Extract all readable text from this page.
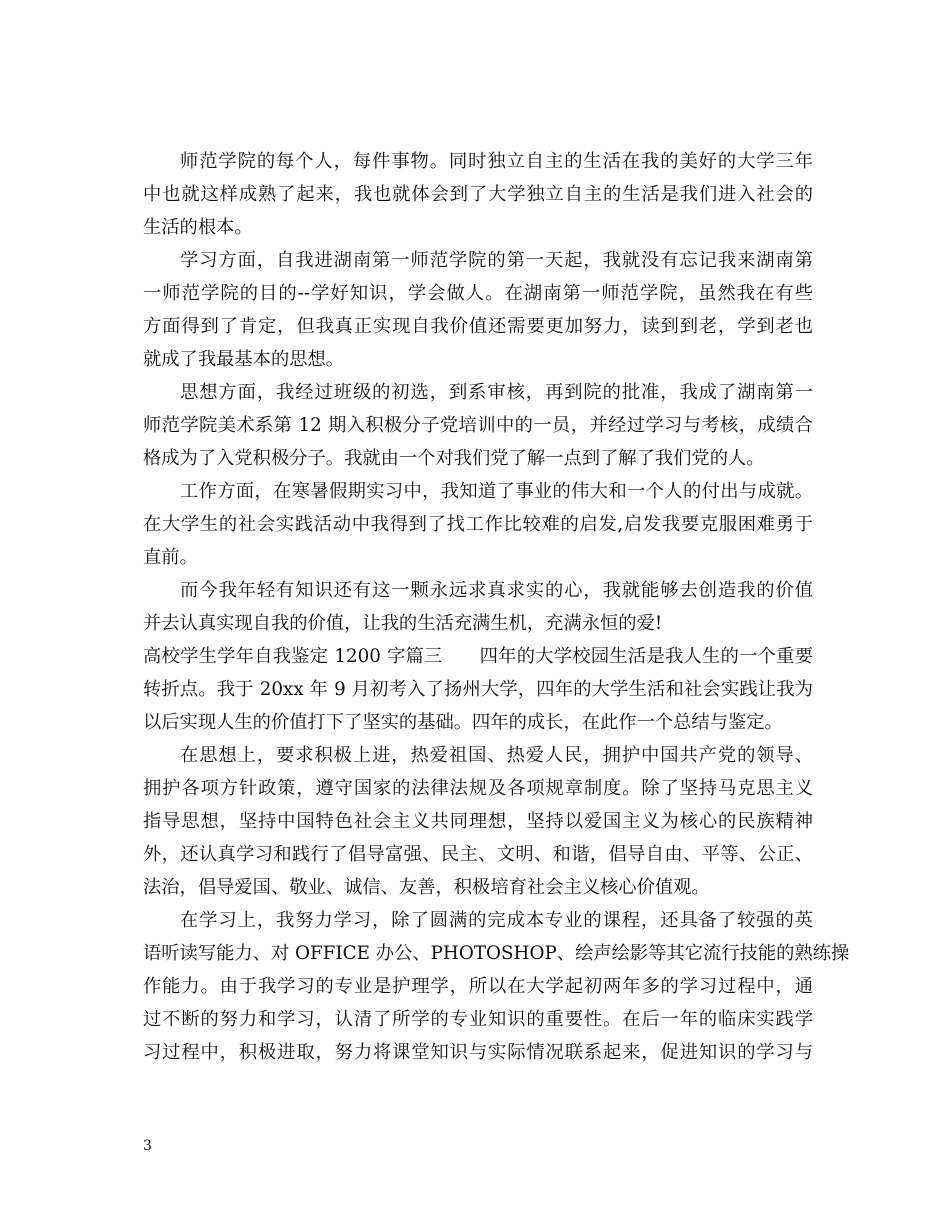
师范学院的每个人，每件事物。同时独立自主的生活在我的美好的大学三年
中也就这样成熟了起来，我也就体会到了大学独立自主的生活是我们进入社会的
生活的根本。
学习方面，自我进湖南第一师范学院的第一天起，我就没有忘记我来湖南第
一师范学院的目的--学好知识，学会做人。在湖南第一师范学院，虽然我在有些
方面得到了肯定，但我真正实现自我价值还需要更加努力，读到到老，学到老也
就成了我最基本的思想。
思想方面，我经过班级的初选，到系审核，再到院的批准，我成了湖南第一
师范学院美术系第 12 期入积极分子党培训中的一员，并经过学习与考核，成绩合
格成为了入党积极分子。我就由一个对我们党了解一点到了解了我们党的人。
工作方面，在寒暑假期实习中，我知道了事业的伟大和一个人的付出与成就。
在大学生的社会实践活动中我得到了找工作比较难的启发,启发我要克服困难勇于
直前。
而今我年轻有知识还有这一颗永远求真求实的心，我就能够去创造我的价值
并去认真实现自我的价值，让我的生活充满生机，充满永恒的爱!
高校学生学年自我鉴定 1200 字篇三　　四年的大学校园生活是我人生的一个重要
转折点。我于 20xx 年 9 月初考入了扬州大学，四年的大学生活和社会实践让我为
以后实现人生的价值打下了坚实的基础。四年的成长，在此作一个总结与鉴定。
在思想上，要求积极上进，热爱祖国、热爱人民，拥护中国共产党的领导、
拥护各项方针政策，遵守国家的法律法规及各项规章制度。除了坚持马克思主义
指导思想，坚持中国特色社会主义共同理想，坚持以爱国主义为核心的民族精神
外，还认真学习和践行了倡导富强、民主、文明、和谐，倡导自由、平等、公正、
法治，倡导爱国、敬业、诚信、友善，积极培育社会主义核心价值观。
在学习上，我努力学习，除了圆满的完成本专业的课程，还具备了较强的英
语听读写能力、对 OFFICE 办公、PHOTOSHOP、绘声绘影等其它流行技能的熟练操
作能力。由于我学习的专业是护理学，所以在大学起初两年多的学习过程中，通
过不断的努力和学习，认清了所学的专业知识的重要性。在后一年的临床实践学
习过程中，积极进取，努力将课堂知识与实际情况联系起来，促进知识的学习与
3
